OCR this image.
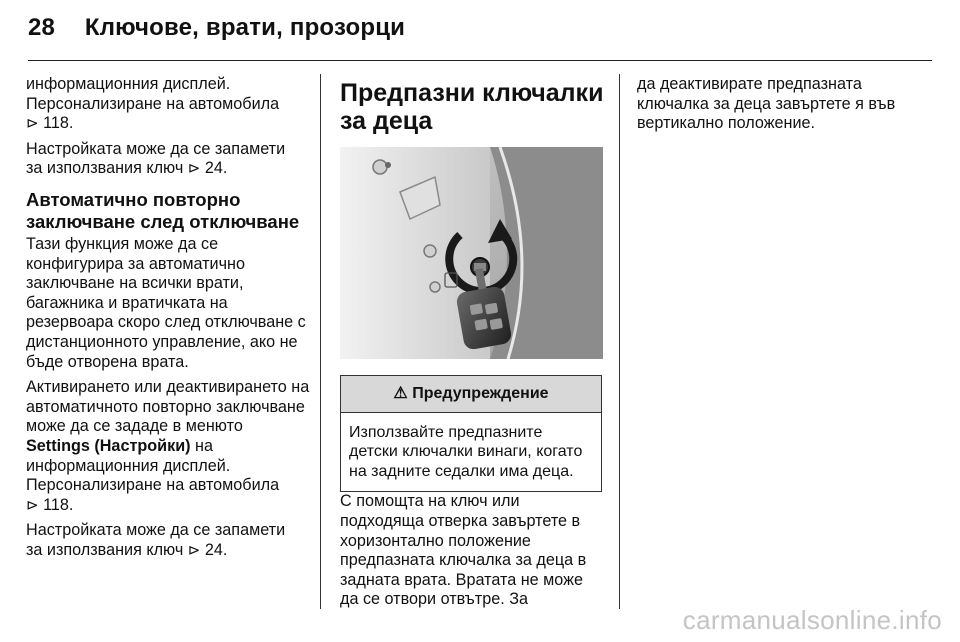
28 Ключове, врати, прозорци

информационния дисплей.
Персонализиране на автомобила
⊳ 118.

Настройката може да се запамети
за използвания ключ ⊳ 24.

Автоматично повторно
заключване след отключване

Тази функция може да се конфигурира за автоматично заключване на всички врати, багажника и вратичката на резервоара скоро след отключване с дистанционното управление, ако не бъде отворена врата.

Активирането или деактивирането на автоматичното повторно заключване може да се зададе в менюто Settings (Настройки) на информационния дисплей.
Персонализиране на автомобила
⊳ 118.

Настройката може да се запамети
за използвания ключ ⊳ 24.

Предпазни ключалки за деца
⚠ Предупреждение
Използвайте предпазните детски ключалки винаги, когато на задните седалки има деца.

С помощта на ключ или подходяща отверка завъртете в хоризонтално положение предпазната ключалка за деца в задната врата. Вратата не може да се отвори отвътре. За

да деактивирате предпазната ключалка за деца завъртете я във вертикално положение.

carmanualsonline.info
